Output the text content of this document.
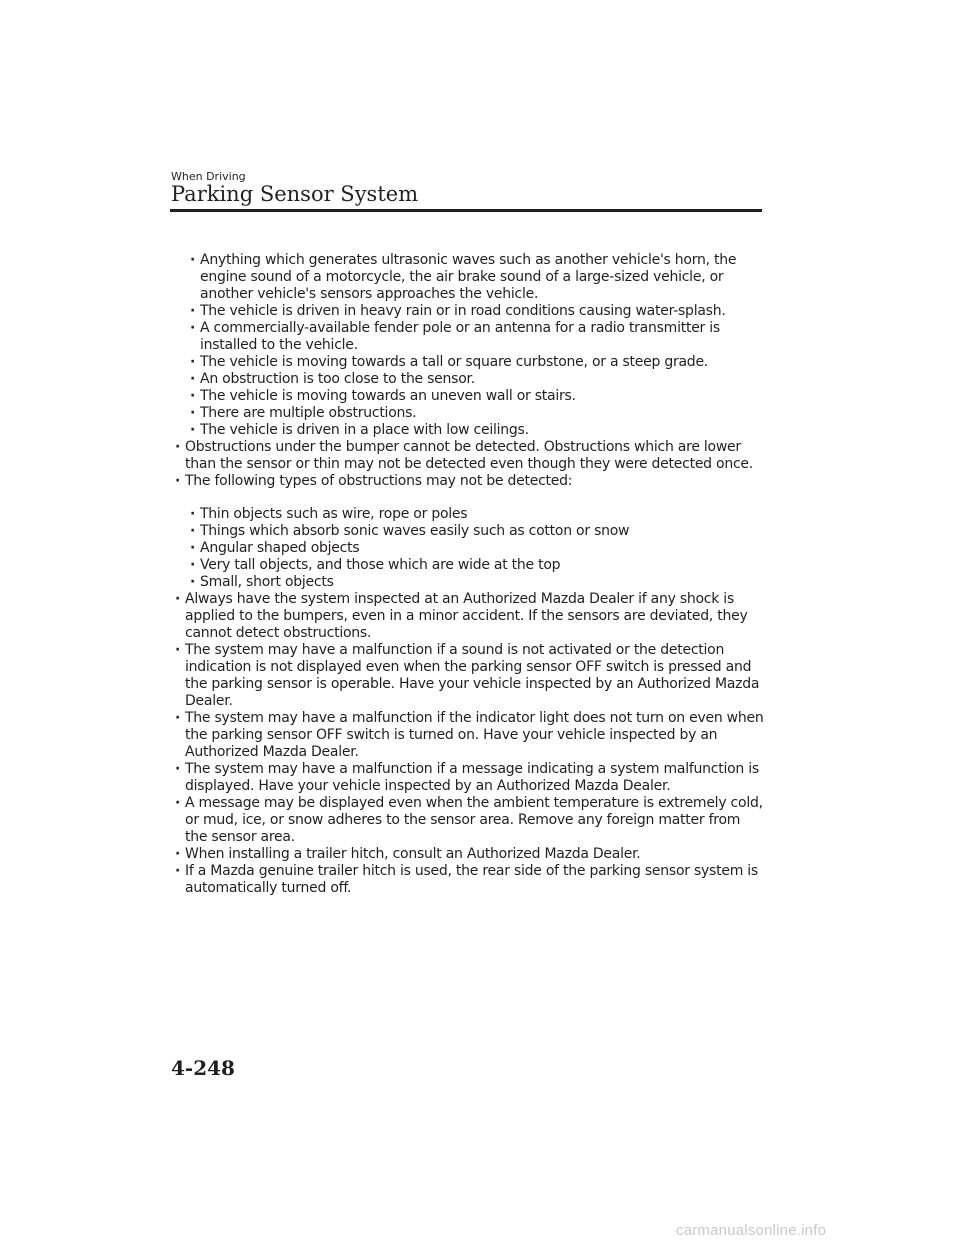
When Driving
Parking Sensor System
· Anything which generates ultrasonic waves such as another vehicle's horn, the engine sound of a motorcycle, the air brake sound of a large-sized vehicle, or another vehicle's sensors approaches the vehicle.
· The vehicle is driven in heavy rain or in road conditions causing water-splash.
· A commercially-available fender pole or an antenna for a radio transmitter is installed to the vehicle.
· The vehicle is moving towards a tall or square curbstone, or a steep grade.
· An obstruction is too close to the sensor.
· The vehicle is moving towards an uneven wall or stairs.
· There are multiple obstructions.
· The vehicle is driven in a place with low ceilings.
· Obstructions under the bumper cannot be detected. Obstructions which are lower than the sensor or thin may not be detected even though they were detected once.
· The following types of obstructions may not be detected:
· Thin objects such as wire, rope or poles
· Things which absorb sonic waves easily such as cotton or snow
· Angular shaped objects
· Very tall objects, and those which are wide at the top
· Small, short objects
· Always have the system inspected at an Authorized Mazda Dealer if any shock is applied to the bumpers, even in a minor accident. If the sensors are deviated, they cannot detect obstructions.
· The system may have a malfunction if a sound is not activated or the detection indication is not displayed even when the parking sensor OFF switch is pressed and the parking sensor is operable. Have your vehicle inspected by an Authorized Mazda Dealer.
· The system may have a malfunction if the indicator light does not turn on even when the parking sensor OFF switch is turned on. Have your vehicle inspected by an Authorized Mazda Dealer.
· The system may have a malfunction if a message indicating a system malfunction is displayed. Have your vehicle inspected by an Authorized Mazda Dealer.
· A message may be displayed even when the ambient temperature is extremely cold, or mud, ice, or snow adheres to the sensor area. Remove any foreign matter from the sensor area.
· When installing a trailer hitch, consult an Authorized Mazda Dealer.
· If a Mazda genuine trailer hitch is used, the rear side of the parking sensor system is automatically turned off.
4-248
carmanualsonline.info
